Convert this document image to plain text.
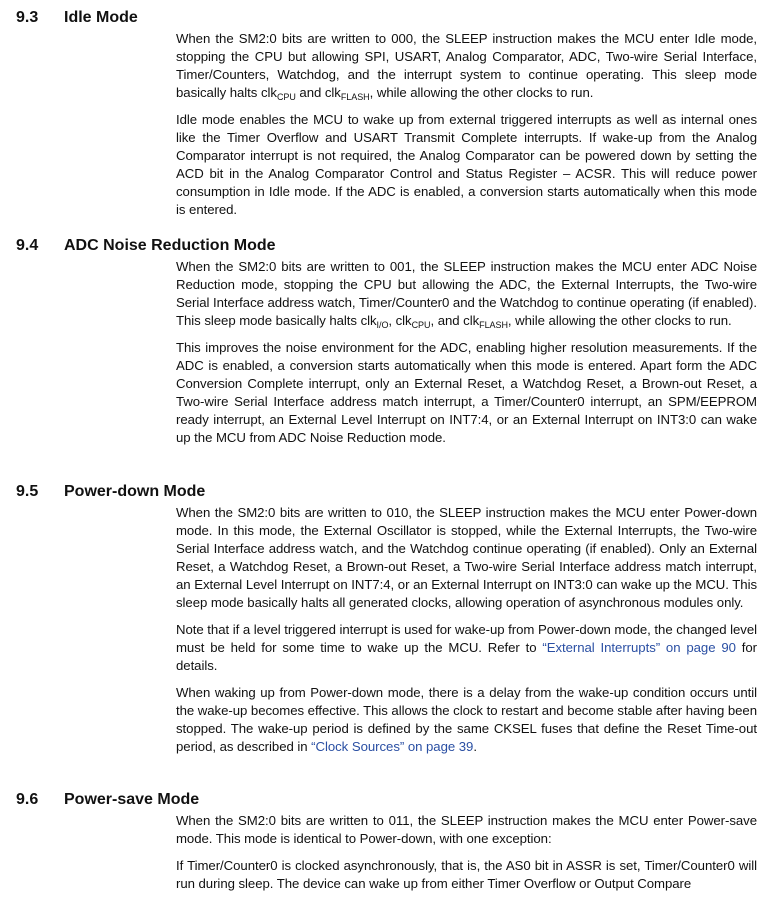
9.3 Idle Mode

When the SM2:0 bits are written to 000, the SLEEP instruction makes the MCU enter Idle mode, stopping the CPU but allowing SPI, USART, Analog Comparator, ADC, Two-wire Serial Interface, Timer/Counters, Watchdog, and the interrupt system to continue operating. This sleep mode basically halts clk$_{CPU}$ and clk$_{FLASH}$, while allowing the other clocks to run.

Idle mode enables the MCU to wake up from external triggered interrupts as well as internal ones like the Timer Overflow and USART Transmit Complete interrupts. If wake-up from the Analog Comparator interrupt is not required, the Analog Comparator can be powered down by setting the ACD bit in the Analog Comparator Control and Status Register – ACSR. This will reduce power consumption in Idle mode. If the ADC is enabled, a conversion starts automatically when this mode is entered.

9.4 ADC Noise Reduction Mode

When the SM2:0 bits are written to 001, the SLEEP instruction makes the MCU enter ADC Noise Reduction mode, stopping the CPU but allowing the ADC, the External Interrupts, the Two-wire Serial Interface address watch, Timer/Counter0 and the Watchdog to continue operating (if enabled). This sleep mode basically halts clk$_{I/O}$, clk$_{CPU}$, and clk$_{FLASH}$, while allowing the other clocks to run.

This improves the noise environment for the ADC, enabling higher resolution measurements. If the ADC is enabled, a conversion starts automatically when this mode is entered. Apart form the ADC Conversion Complete interrupt, only an External Reset, a Watchdog Reset, a Brown-out Reset, a Two-wire Serial Interface address match interrupt, a Timer/Counter0 interrupt, an SPM/EEPROM ready interrupt, an External Level Interrupt on INT7:4, or an External Interrupt on INT3:0 can wake up the MCU from ADC Noise Reduction mode.

9.5 Power-down Mode

When the SM2:0 bits are written to 010, the SLEEP instruction makes the MCU enter Power-down mode. In this mode, the External Oscillator is stopped, while the External Interrupts, the Two-wire Serial Interface address watch, and the Watchdog continue operating (if enabled). Only an External Reset, a Watchdog Reset, a Brown-out Reset, a Two-wire Serial Interface address match interrupt, an External Level Interrupt on INT7:4, or an External Interrupt on INT3:0 can wake up the MCU. This sleep mode basically halts all generated clocks, allowing operation of asynchronous modules only.

Note that if a level triggered interrupt is used for wake-up from Power-down mode, the changed level must be held for some time to wake up the MCU. Refer to “External Interrupts” on page 90 for details.

When waking up from Power-down mode, there is a delay from the wake-up condition occurs until the wake-up becomes effective. This allows the clock to restart and become stable after having been stopped. The wake-up period is defined by the same CKSEL fuses that define the Reset Time-out period, as described in “Clock Sources” on page 39.

9.6 Power-save Mode

When the SM2:0 bits are written to 011, the SLEEP instruction makes the MCU enter Power-save mode. This mode is identical to Power-down, with one exception:

If Timer/Counter0 is clocked asynchronously, that is, the AS0 bit in ASSR is set, Timer/Counter0 will run during sleep. The device can wake up from either Timer Overflow or Output Compare
